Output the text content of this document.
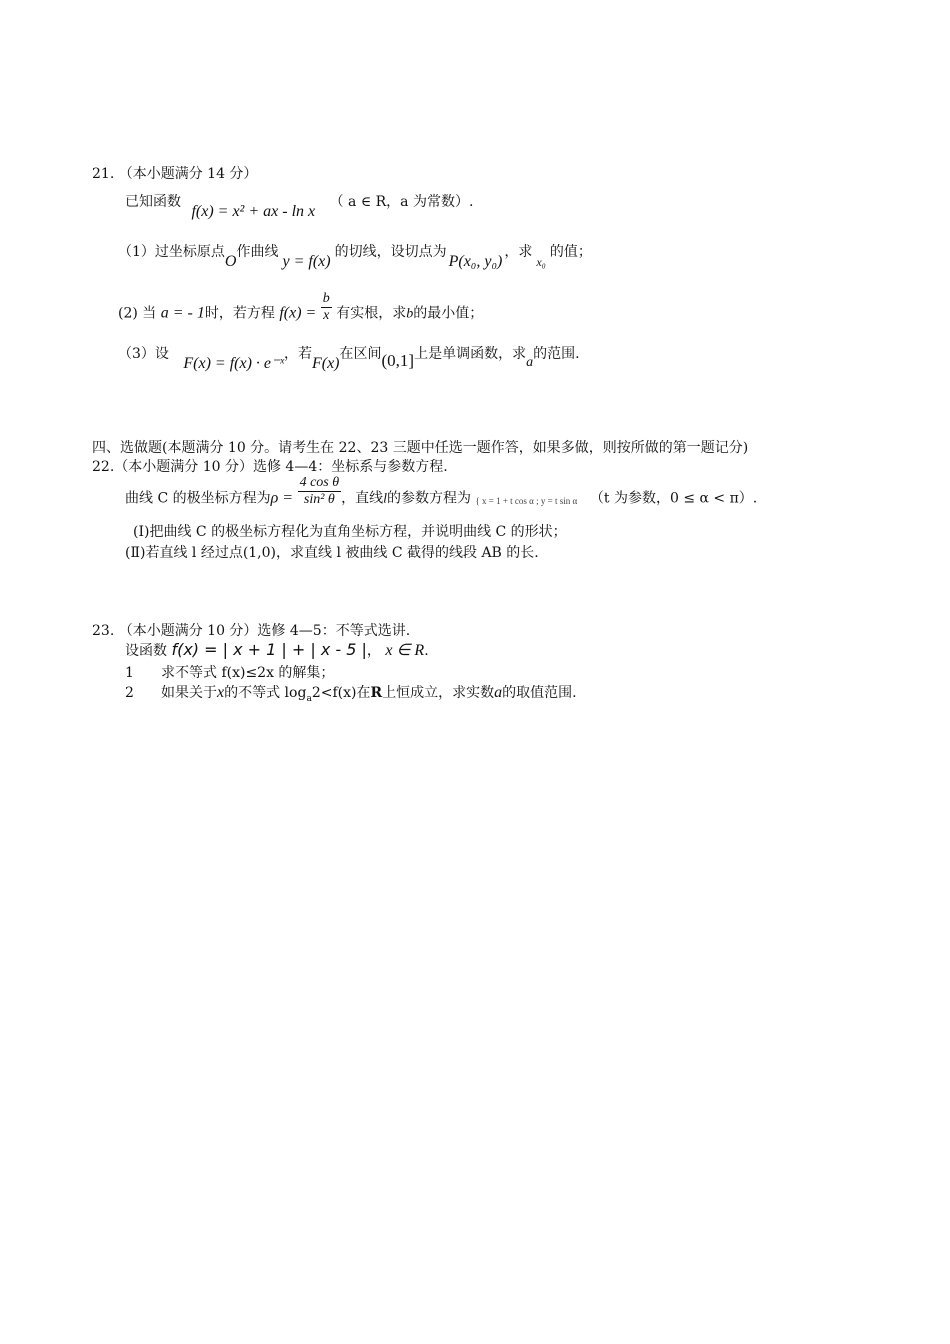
21. （本小题满分 14 分）
已知函数 f(x) = x² + ax - ln x （ a ∈ R，a 为常数）.
（1）过坐标原点O作曲线y = f(x)的切线，设切点为P(x₀, y₀)，求x₀的值；
(2) 当 a = - 1时，若方程 $f(x) = \frac{b}{x}$ 有实根，求b的最小值；
（3）设 F(x) = f(x) · e⁻ˣ，若F(x)在区间(0,1]上是单调函数，求a的范围.
四、选做题(本题满分 10 分。请考生在 22、23 三题中任选一题作答，如果多做，则按所做的第一题记分)
22.（本小题满分 10 分）选修 4—4：坐标系与参数方程.
曲线 C 的极坐标方程为$\rho = \frac{\text{4 cos θ}}{\text{sin² θ}}$ ，直线l的参数方程为 { x = 1 + t cos α ; y = t sin α （t 为参数，0 ≤ α < π）.
(Ⅰ)把曲线 C 的极坐标方程化为直角坐标方程，并说明曲线 C 的形状；
(Ⅱ)若直线 l 经过点(1,0)，求直线 l 被曲线 C 截得的线段 AB 的长.
23. （本小题满分 10 分）选修 4—5：不等式选讲.
设函数 f(x) = | x + 1 | + | x - 5 |， x ∈ R.
1 求不等式 f(x)≤2x 的解集；
2 如果关于x的不等式 $\log_a2<f(x)$在R上恒成立，求实数a的取值范围.
